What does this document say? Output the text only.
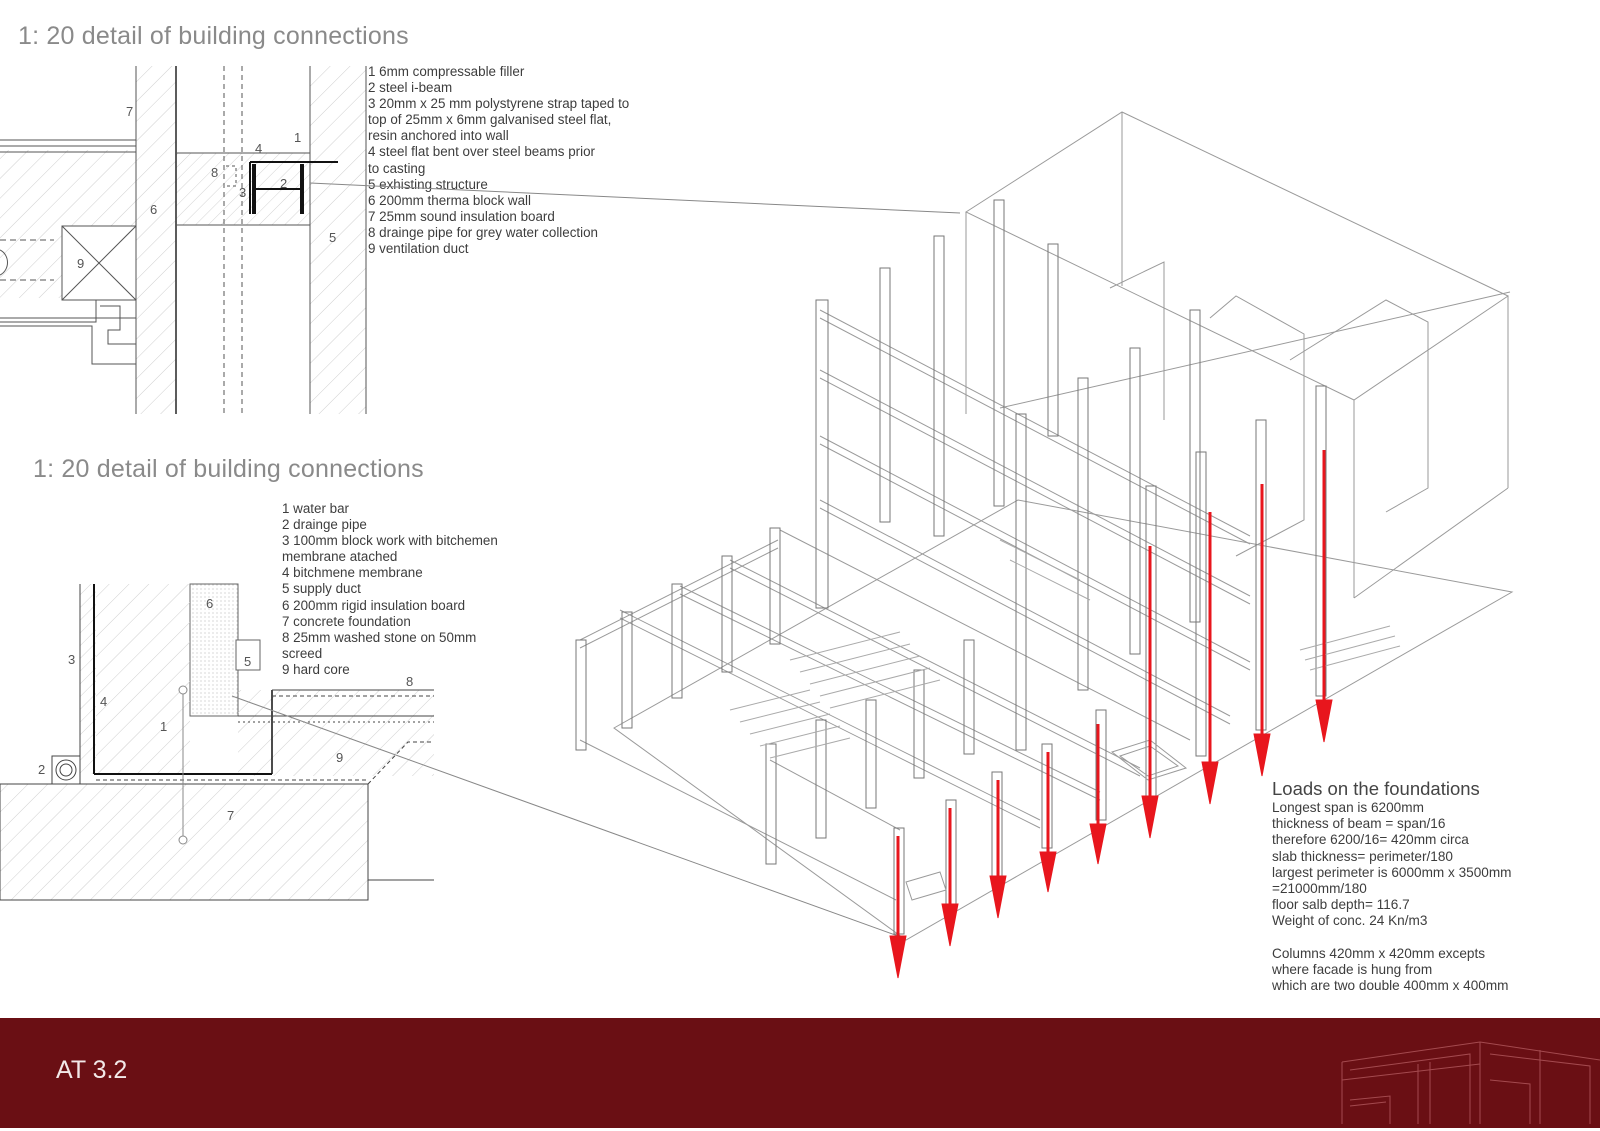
1: 20 detail of building connections
1: 20 detail of building connections
1 6mm compressable filler
2 steel i-beam
3 20mm x 25 mm polystyrene strap taped to
top of 25mm x 6mm galvanised steel flat,
resin anchored into wall
4 steel flat bent over steel beams prior
to casting
5 exhisting structure
6 200mm therma block wall
7 25mm sound insulation board
8 drainge pipe for grey water collection
9 ventilation duct
1 water bar
2 drainge pipe
3 100mm block work with bitchemen
membrane atached
4 bitchmene membrane
5 supply duct
6 200mm rigid insulation board
7 concrete foundation
8 25mm washed stone on 50mm
screed
9 hard core
Loads on the foundations
Longest span is 6200mm
thickness of beam = span/16
therefore 6200/16= 420mm circa
slab thickness= perimeter/180
largest perimeter is 6000mm x 3500mm
=21000mm/180
floor salb depth= 116.7
Weight of conc. 24 Kn/m3
Columns 420mm x 420mm excepts
where facade is hung from
which are two double 400mm x 400mm
1
2
3
4
5
6
7
8
9
1
2
3
4
5
6
7
8
9
AT 3.2
